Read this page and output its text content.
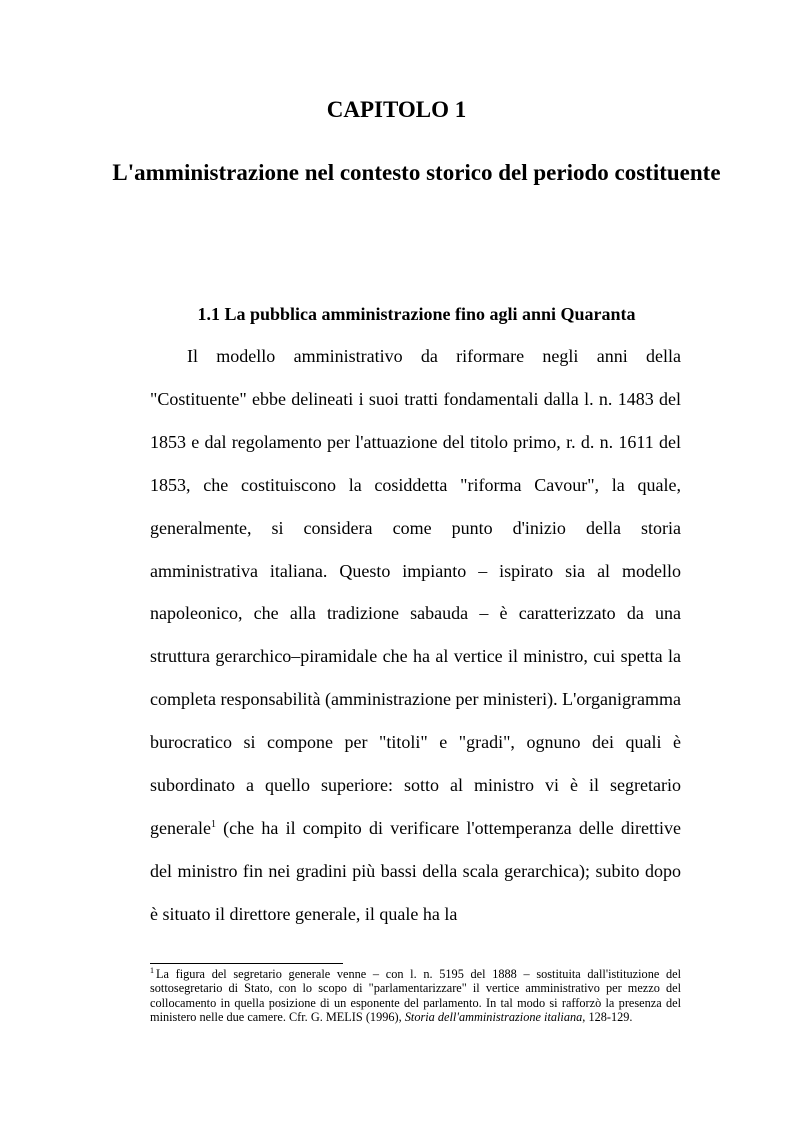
CAPITOLO 1
L'amministrazione nel contesto storico del periodo costituente
1.1 La pubblica amministrazione fino agli anni Quaranta

Il modello amministrativo da riformare negli anni della "Costituente" ebbe delineati i suoi tratti fondamentali dalla l. n. 1483 del 1853 e dal regolamento per l'attuazione del titolo primo, r. d. n. 1611 del 1853, che costituiscono la cosiddetta "riforma Cavour", la quale, generalmente, si considera come punto d'inizio della storia amministrativa italiana. Questo impianto – ispirato sia al modello napoleonico, che alla tradizione sabauda – è caratterizzato da una struttura gerarchico–piramidale che ha al vertice il ministro, cui spetta la completa responsabilità (amministrazione per ministeri). L'organigramma burocratico si compone per "titoli" e "gradi", ognuno dei quali è subordinato a quello superiore: sotto al ministro vi è il segretario generale$^1$ (che ha il compito di verificare l'ottemperanza delle direttive del ministro fin nei gradini più bassi della scala gerarchica); subito dopo è situato il direttore generale, il quale ha la

$^1$ La figura del segretario generale venne – con l. n. 5195 del 1888 – sostituita dall'istituzione del sottosegretario di Stato, con lo scopo di "parlamentarizzare" il vertice amministrativo per mezzo del collocamento in quella posizione di un esponente del parlamento. In tal modo si rafforzò la presenza del ministero nelle due camere. Cfr. G. MELIS (1996), Storia dell'amministrazione italiana, 128-129.
